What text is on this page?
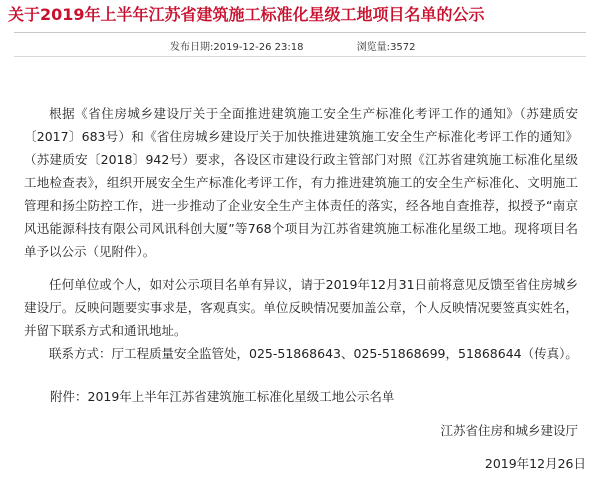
关于2019年上半年江苏省建筑施工标准化星级工地项目名单的公示
发布日期:2019-12-26 23:18	浏览量:3572

根据《省住房城乡建设厅关于全面推进建筑施工安全生产标准化考评工作的通知》（苏建质安〔2017〕683号）和《省住房城乡建设厅关于加快推进建筑施工安全生产标准化考评工作的通知》（苏建质安〔2018〕942号）要求，各设区市建设行政主管部门对照《江苏省建筑施工标准化星级工地检查表》，组织开展安全生产标准化考评工作，有力推进建筑施工的安全生产标准化、文明施工管理和扬尘防控工作，进一步推动了企业安全生产主体责任的落实，经各地自查推荐，拟授予“南京风迅能源科技有限公司风讯科创大厦”等768个项目为江苏省建筑施工标准化星级工地。现将项目名单予以公示（见附件）。

任何单位或个人，如对公示项目名单有异议，请于2019年12月31日前将意见反馈至省住房城乡建设厅。反映问题要实事求是，客观真实。单位反映情况要加盖公章，个人反映情况要签真实姓名，并留下联系方式和通讯地址。

联系方式：厅工程质量安全监管处，025-51868643、025-51868699，51868644（传真）。

附件：2019年上半年江苏省建筑施工标准化星级工地公示名单
江苏省住房和城乡建设厅
2019年12月26日
